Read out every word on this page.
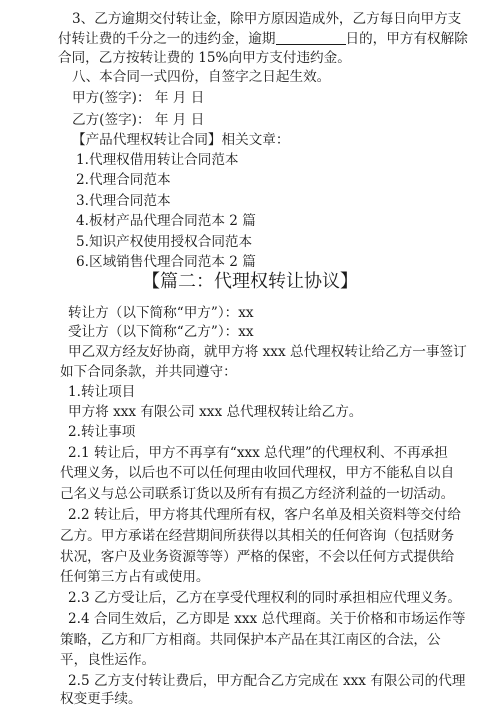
3、乙方逾期交付转让金，除甲方原因造成外，乙方每日向甲方支
付转让费的千分之一的违约金，逾期	日的，甲方有权解除
合同，乙方按转让费的 15%向甲方支付违约金。
八、本合同一式四份，自签字之日起生效。
甲方(签字)： 年 月 日
乙方(签字)： 年 月 日
【产品代理权转让合同】相关文章：
1.代理权借用转让合同范本
2.代理合同范本
3.代理合同范本
4.板材产品代理合同范本 2 篇
5.知识产权使用授权合同范本
6.区域销售代理合同范本 2 篇
【篇二：代理权转让协议】
转让方（以下简称“甲方”）：xx
受让方（以下简称“乙方”）：xx
甲乙双方经友好协商，就甲方将 xxx 总代理权转让给乙方一事签订
如下合同条款，并共同遵守：
1.转让项目
甲方将 xxx 有限公司 xxx 总代理权转让给乙方。
2.转让事项
2.1 转让后，甲方不再享有“xxx 总代理”的代理权利、不再承担
代理义务，以后也不可以任何理由收回代理权，甲方不能私自以自
己名义与总公司联系订货以及所有有损乙方经济利益的一切活动。
2.2 转让后，甲方将其代理所有权，客户名单及相关资料等交付给
乙方。甲方承诺在经营期间所获得以其相关的任何咨询（包括财务
状况，客户及业务资源等等）严格的保密，不会以任何方式提供给
任何第三方占有或使用。
2.3 乙方受让后，乙方在享受代理权利的同时承担相应代理义务。
2.4 合同生效后，乙方即是 xxx 总代理商。关于价格和市场运作等
策略，乙方和厂方相商。共同保护本产品在其江南区的合法，公
平，良性运作。
2.5 乙方支付转让费后，甲方配合乙方完成在 xxx 有限公司的代理
权变更手续。
